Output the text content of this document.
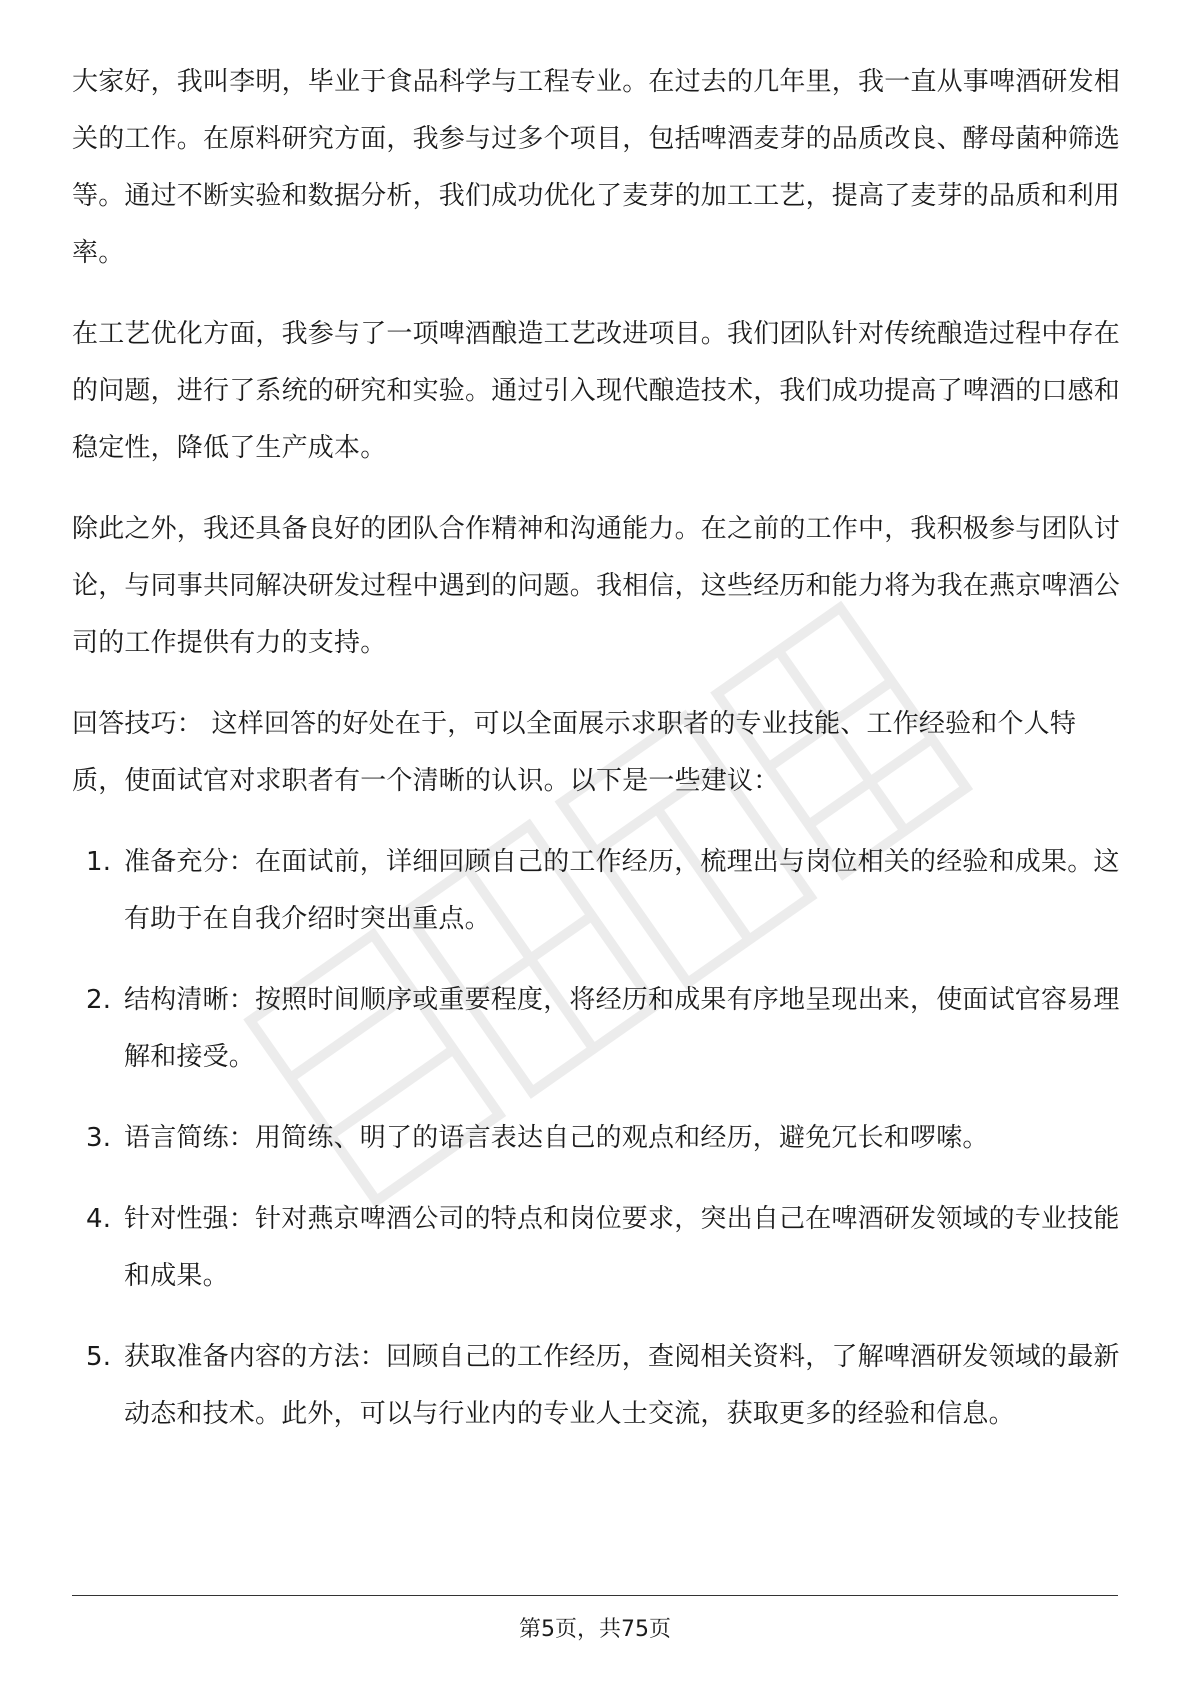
大家好，我叫李明，毕业于食品科学与工程专业。在过去的几年里，我一直从事啤酒研发相关的工作。在原料研究方面，我参与过多个项目，包括啤酒麦芽的品质改良、酵母菌种筛选等。通过不断实验和数据分析，我们成功优化了麦芽的加工工艺，提高了麦芽的品质和利用率。

在工艺优化方面，我参与了一项啤酒酿造工艺改进项目。我们团队针对传统酿造过程中存在的问题，进行了系统的研究和实验。通过引入现代酿造技术，我们成功提高了啤酒的口感和稳定性，降低了生产成本。

除此之外，我还具备良好的团队合作精神和沟通能力。在之前的工作中，我积极参与团队讨论，与同事共同解决研发过程中遇到的问题。我相信，这些经历和能力将为我在燕京啤酒公司的工作提供有力的支持。

回答技巧： 这样回答的好处在于，可以全面展示求职者的专业技能、工作经验和个人特质，使面试官对求职者有一个清晰的认识。以下是一些建议：

1. 准备充分：在面试前，详细回顾自己的工作经历，梳理出与岗位相关的经验和成果。这有助于在自我介绍时突出重点。
2. 结构清晰：按照时间顺序或重要程度，将经历和成果有序地呈现出来，使面试官容易理解和接受。
3. 语言简练：用简练、明了的语言表达自己的观点和经历，避免冗长和啰嗦。
4. 针对性强：针对燕京啤酒公司的特点和岗位要求，突出自己在啤酒研发领域的专业技能和成果。
5. 获取准备内容的方法：回顾自己的工作经历，查阅相关资料，了解啤酒研发领域的最新动态和技术。此外，可以与行业内的专业人士交流，获取更多的经验和信息。
第5页，共75页
